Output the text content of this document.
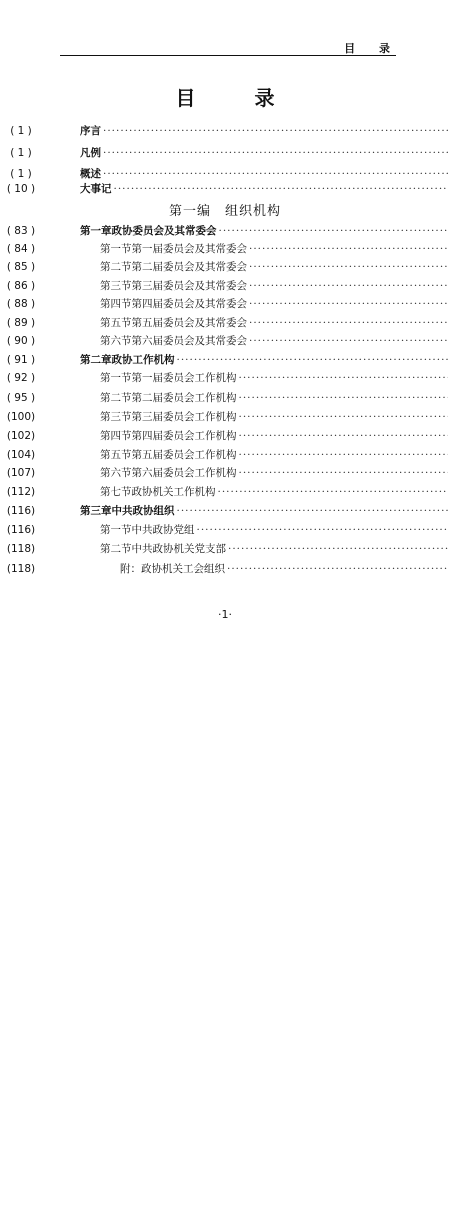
目 录
目 录
序言
·····
( 1 )
凡例
·····
( 1 )
概述
·····
( 1 )
大事记
·····
( 10 )
第一编 组织机构
第一章 政协委员会及其常委会
·····
( 83 )
第一节 第一届委员会及其常委会
·····
( 84 )
第二节 第二届委员会及其常委会
·····
( 85 )
第三节 第三届委员会及其常委会
·····
( 86 )
第四节 第四届委员会及其常委会
·····
( 88 )
第五节 第五届委员会及其常委会
·····
( 89 )
第六节 第六届委员会及其常委会
·····
( 90 )
第二章 政协工作机构
·····
( 91 )
第一节 第一届委员会工作机构
·····
( 92 )
第二节 第二届委员会工作机构
·····
( 95 )
第三节 第三届委员会工作机构
·····
(100)
第四节 第四届委员会工作机构
·····
(102)
第五节 第五届委员会工作机构
·····
(104)
第六节 第六届委员会工作机构
·····
(107)
第七节 政协机关工作机构
·····
(112)
第三章 中共政协组织
·····
(116)
第一节 中共政协党组
·····
(116)
第二节 中共政协机关党支部
·····
(118)
附：政协机关工会组织
·····
(118)
·1·
